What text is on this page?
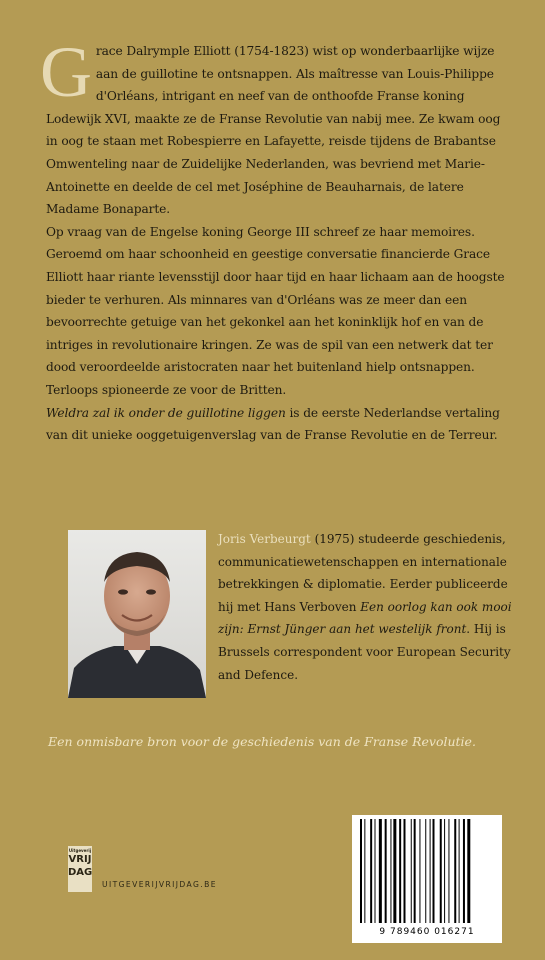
Grace Dalrymple Elliott (1754-1823) wist op wonderbaarlijke wijze aan de guillotine te ontsnappen. Als maîtresse van Louis-Philippe d'Orléans, intrigant en neef van de onthoofde Franse koning Lodewijk XVI, maakte ze de Franse Revolutie van nabij mee. Ze kwam oog in oog te staan met Robespierre en Lafayette, reisde tijdens de Brabantse Omwenteling naar de Zuidelijke Nederlanden, was bevriend met Marie-Antoinette en deelde de cel met Joséphine de Beauharnais, de latere Madame Bonaparte.

Op vraag van de Engelse koning George III schreef ze haar memoires. Geroemd om haar schoonheid en geestige conversatie financierde Grace Elliott haar riante levensstijl door haar tijd en haar lichaam aan de hoogste bieder te verhuren. Als minnares van d'Orléans was ze meer dan een bevoorrechte getuige van het gekonkel aan het koninklijk hof en van de intriges in revolutionaire kringen. Ze was de spil van een netwerk dat ter dood veroordeelde aristocraten naar het buitenland hielp ontsnappen. Terloops spioneerde ze voor de Britten.

Weldra zal ik onder de guillotine liggen is de eerste Nederlandse vertaling van dit unieke ooggetuigenverslag van de Franse Revolutie en de Terreur.

Joris Verbeurgt (1975) studeerde geschiedenis, communicatiewetenschappen en internationale betrekkingen & diplomatie. Eerder publiceerde hij met Hans Verboven Een oorlog kan ook mooi zijn: Ernst Jünger aan het westelijk front. Hij is Brussels correspondent voor European Security and Defence.
Een onmisbare bron voor de geschiedenis van de Franse Revolutie.
Uitgeverij
VRIJ
DAG
UITGEVERIJVRIJDAG.BE
9 789460 016271
